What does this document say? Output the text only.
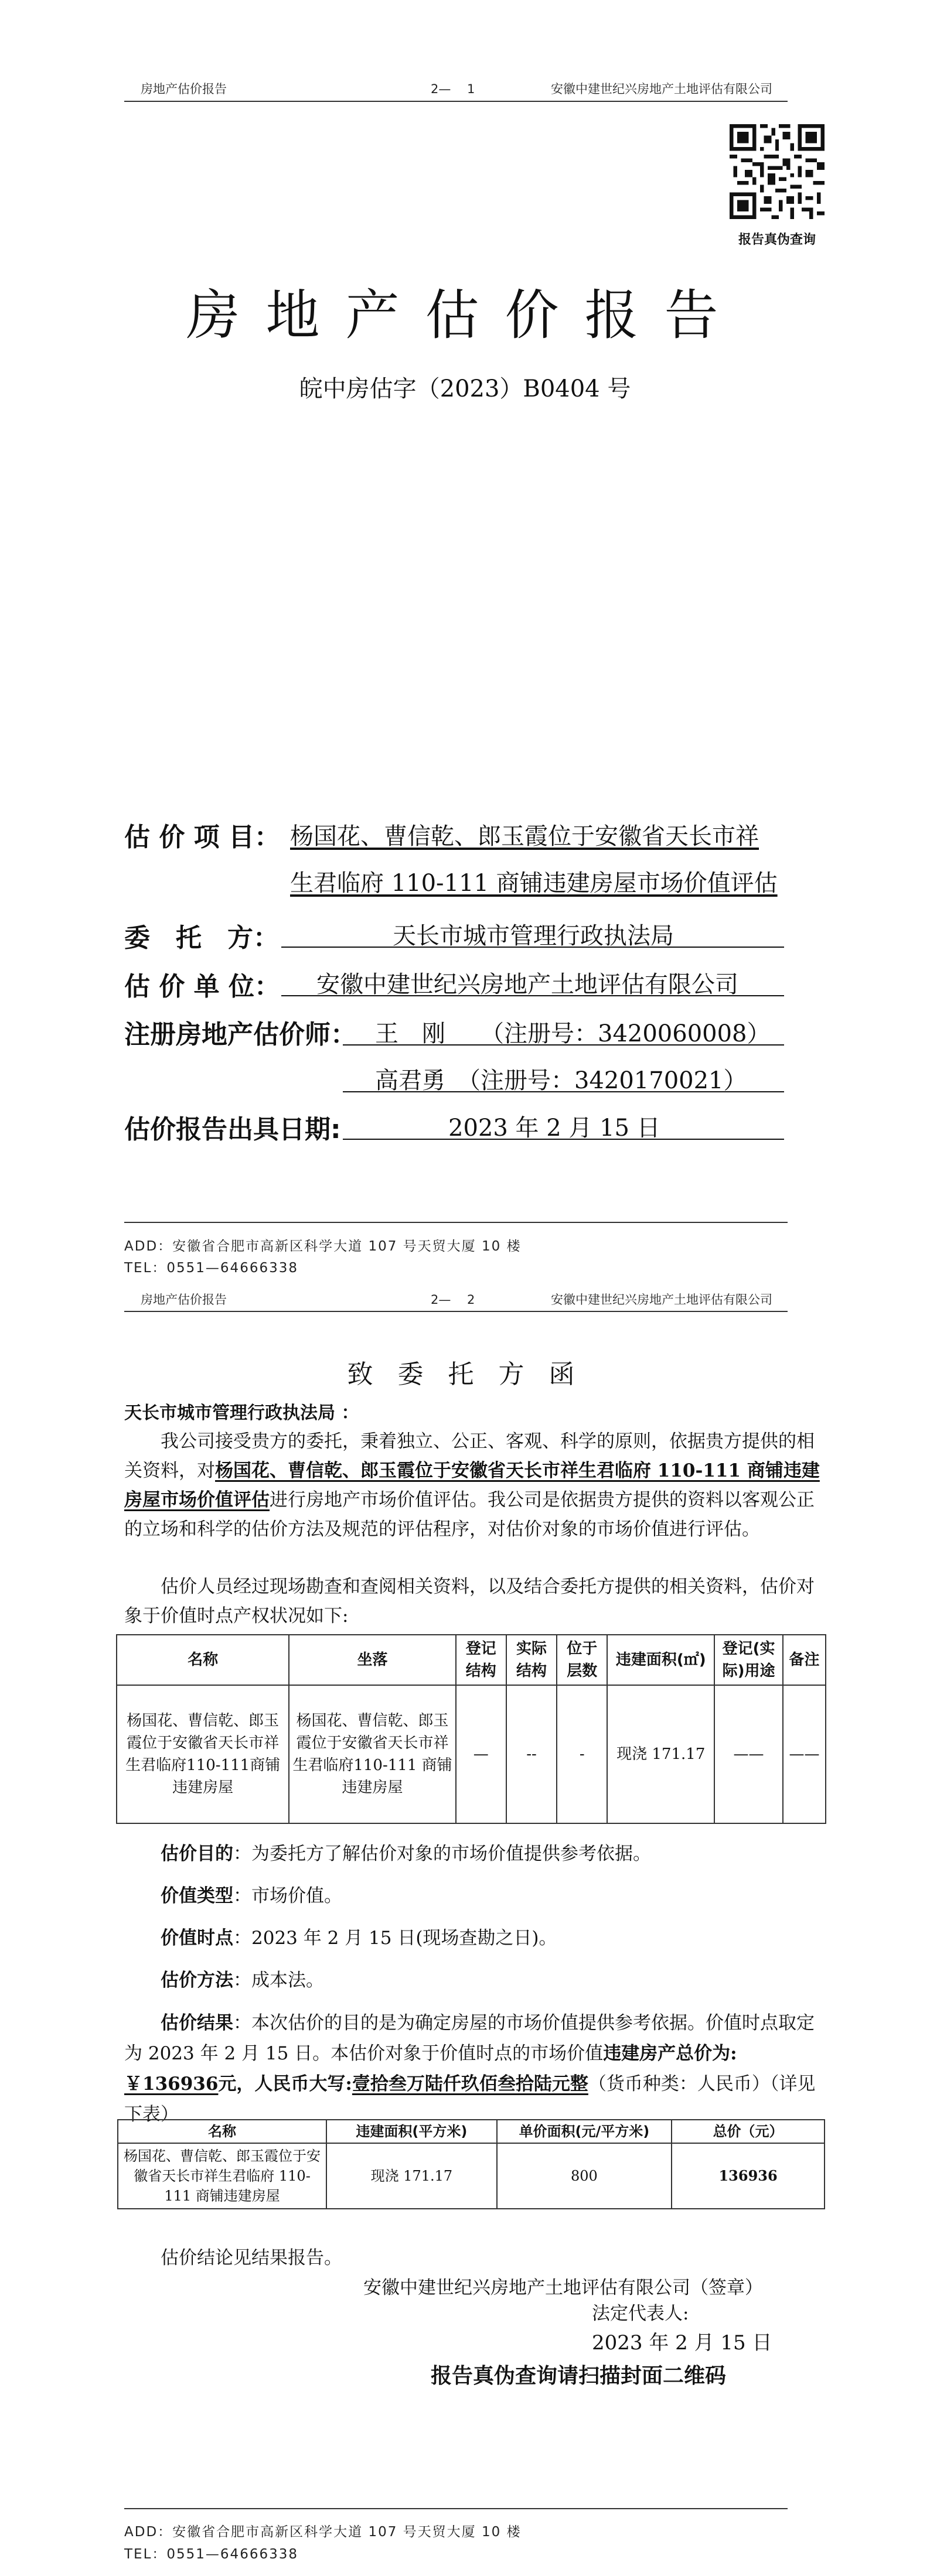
房地产估价报告	2—　 1	安徽中建世纪兴房地产土地评估有限公司
报告真伪查询
房地产估价报告
皖中房估字（2023）B0404 号
估 价 项 目： 杨国花、曹信乾、郎玉霞位于安徽省天长市祥
生君临府 110-111 商铺违建房屋市场价值评估
委　托　方：	天长市城市管理行政执法局
估 价 单 位： 安徽中建世纪兴房地产土地评估有限公司
注册房地产估价师： 王　刚　　（注册号：3420060008）
高君勇　（注册号：3420170021）
估价报告出具日期:	2023 年 2 月 15 日
ADD：安徽省合肥市高新区科学大道 107 号天贸大厦 10 楼
TEL：0551—64666338
房地产估价报告	2—　 2	安徽中建世纪兴房地产土地评估有限公司
致 委 托 方 函
天长市城市管理行政执法局 ：
我公司接受贵方的委托，秉着独立、公正、客观、科学的原则，依据贵方提供的相关资料，对杨国花、曹信乾、郎玉霞位于安徽省天长市祥生君临府 110-111 商铺违建房屋市场价值评估进行房地产市场价值评估。我公司是依据贵方提供的资料以客观公正的立场和科学的估价方法及规范的评估程序，对估价对象的市场价值进行评估。
估价人员经过现场勘查和查阅相关资料，以及结合委托方提供的相关资料，估价对象于价值时点产权状况如下:
名称	坐落	登记结构	实际结构	位于层数	违建面积(㎡)	登记(实际)用途	备注
杨国花、曹信乾、郎玉霞位于安徽省天长市祥生君临府110-111商铺违建房屋	杨国花、曹信乾、郎玉霞位于安徽省天长市祥生君临府110-111 商铺违建房屋	—	--	-	现浇 171.17	——	——
估价目的：为委托方了解估价对象的市场价值提供参考依据。
价值类型：市场价值。
价值时点：2023 年 2 月 15 日(现场查勘之日)。
估价方法：成本法。
估价结果：本次估价的目的是为确定房屋的市场价值提供参考依据。价值时点取定为 2023 年 2 月 15 日。本估价对象于价值时点的市场价值违建房产总价为:￥136936元，人民币大写:壹拾叁万陆仟玖佰叁拾陆元整（货币种类：人民币）（详见下表）
名称	违建面积(平方米)	单价面积(元/平方米)	总价（元）
杨国花、曹信乾、郎玉霞位于安徽省天长市祥生君临府 110-111 商铺违建房屋	现浇 171.17	800	136936
估价结论见结果报告。
安徽中建世纪兴房地产土地评估有限公司（签章）
法定代表人:
2023 年 2 月 15 日
报告真伪查询请扫描封面二维码
ADD：安徽省合肥市高新区科学大道 107 号天贸大厦 10 楼
TEL：0551—64666338
